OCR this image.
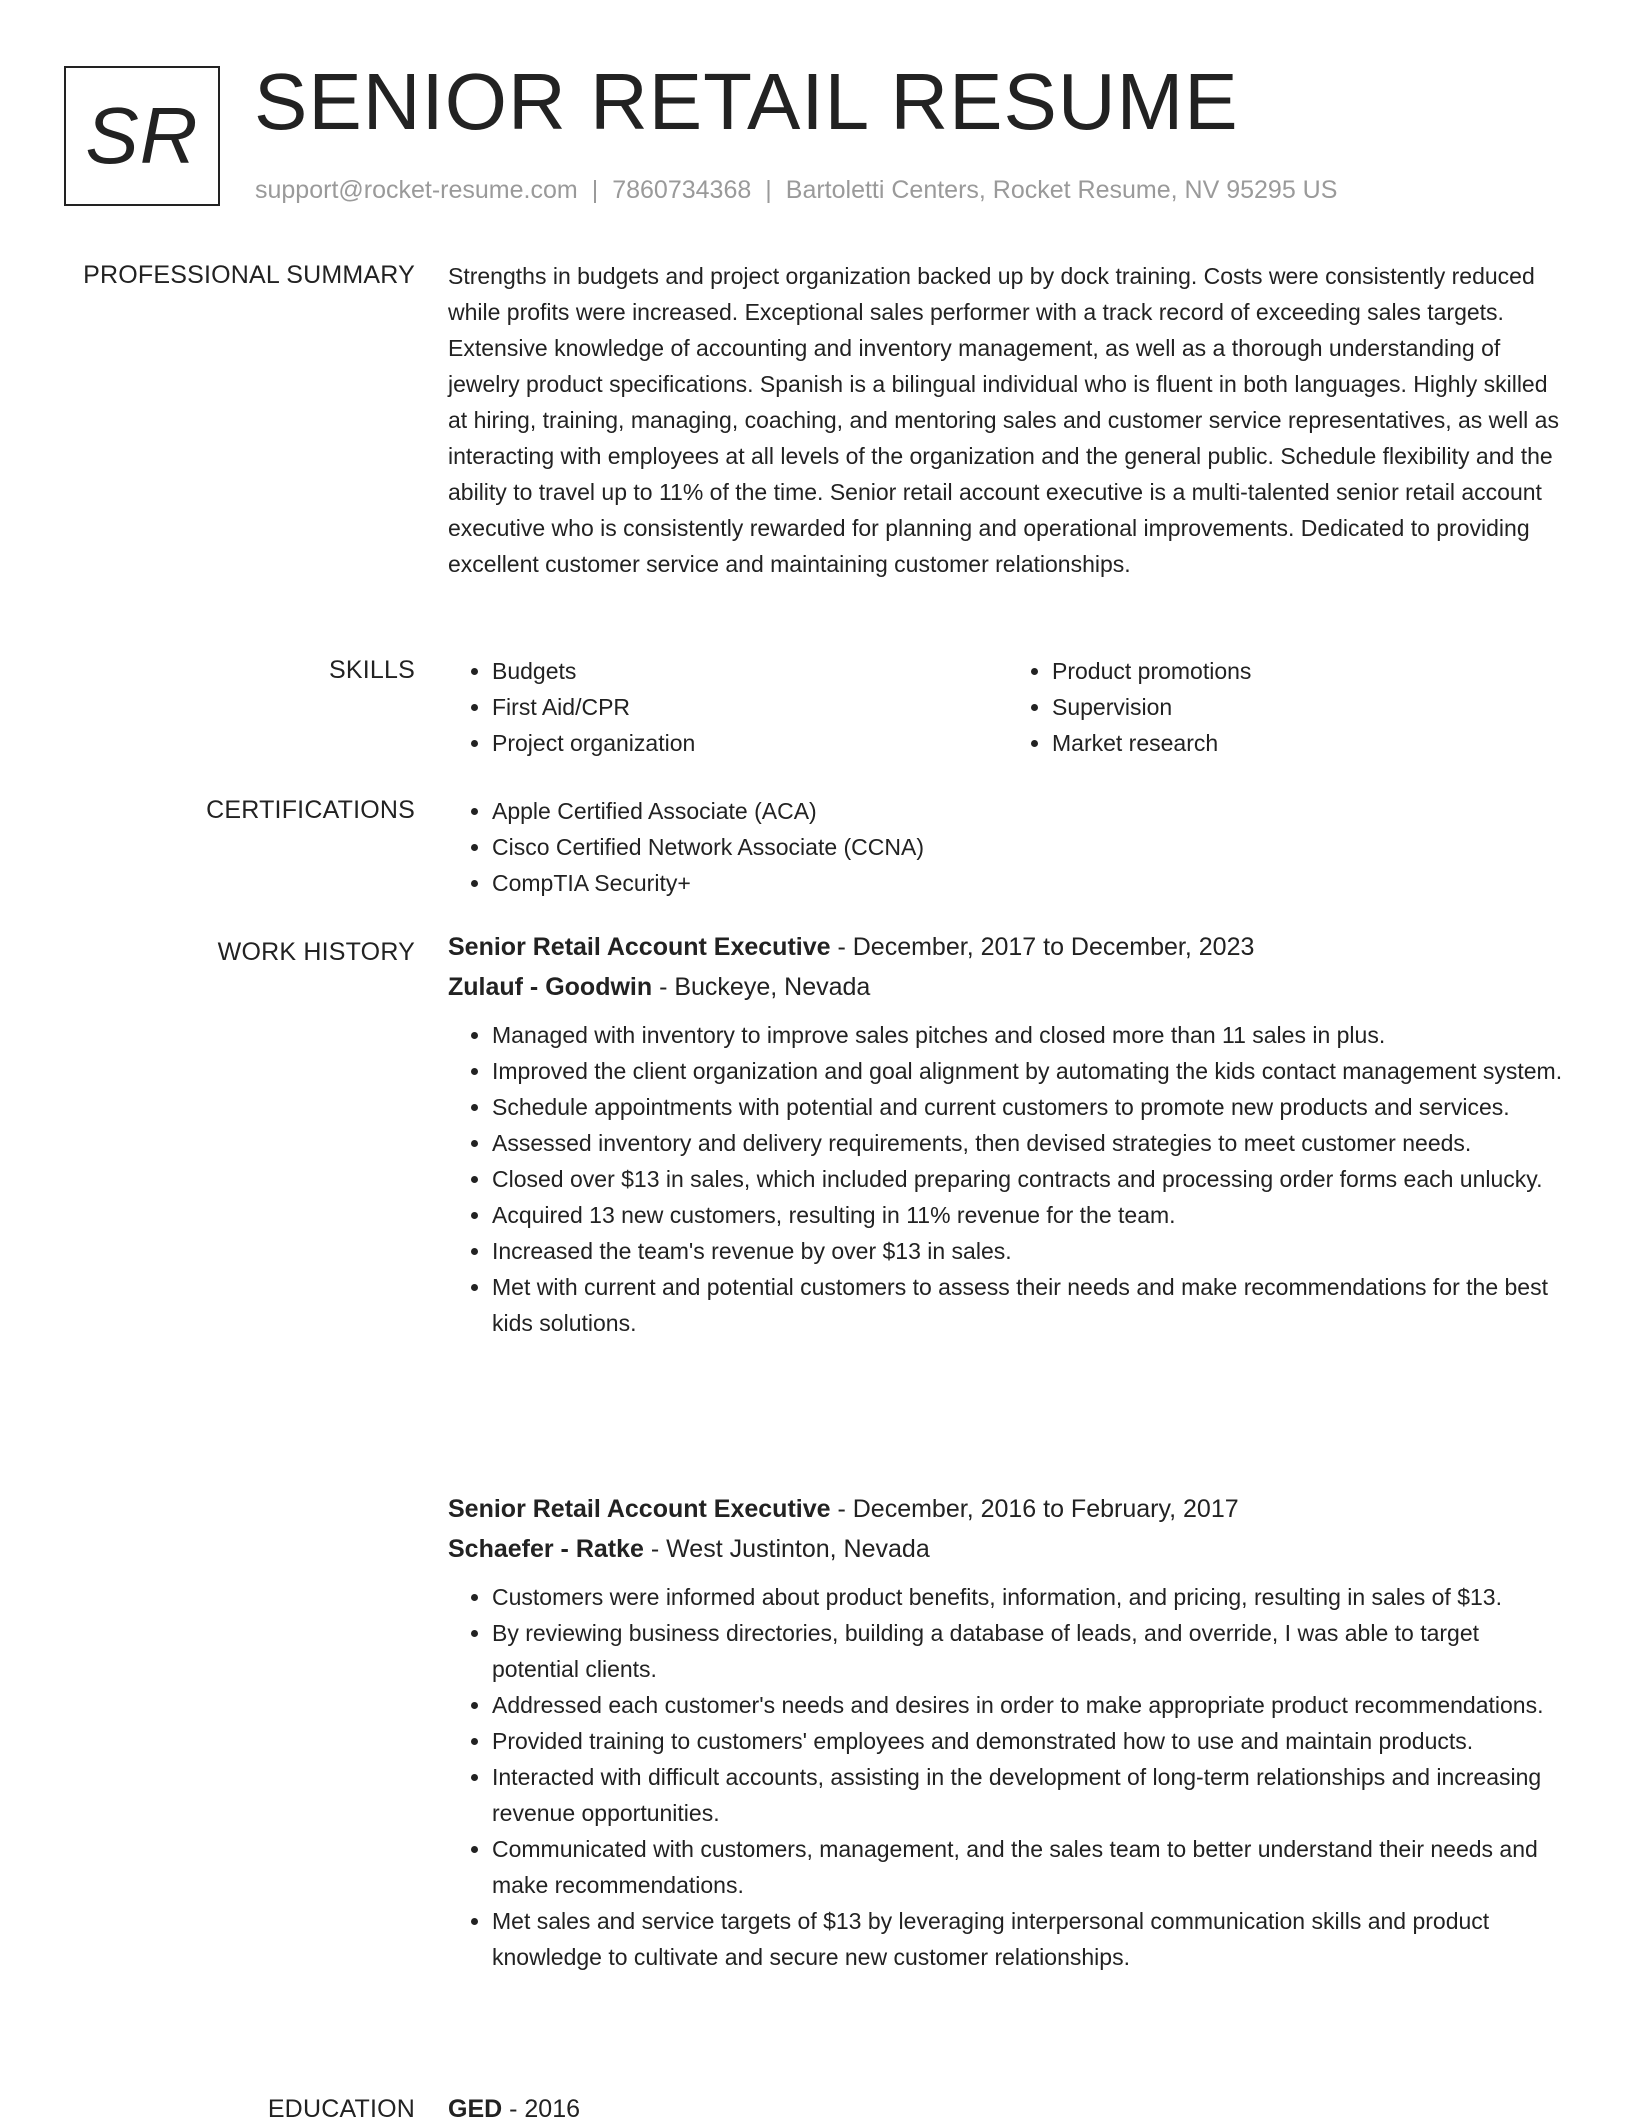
SR SENIOR RETAIL RESUME
support@rocket-resume.com | 7860734368 | Bartoletti Centers, Rocket Resume, NV 95295 US
PROFESSIONAL SUMMARY Strengths in budgets and project organization backed up by dock training. Costs were consistently reduced while profits were increased. Exceptional sales performer with a track record of exceeding sales targets. Extensive knowledge of accounting and inventory management, as well as a thorough understanding of jewelry product specifications. Spanish is a bilingual individual who is fluent in both languages. Highly skilled at hiring, training, managing, coaching, and mentoring sales and customer service representatives, as well as interacting with employees at all levels of the organization and the general public. Schedule flexibility and the ability to travel up to 11% of the time. Senior retail account executive is a multi-talented senior retail account executive who is consistently rewarded for planning and operational improvements. Dedicated to providing excellent customer service and maintaining customer relationships.

SKILLS	• Budgets
• First Aid/CPR
• Project organization
• Product promotions
• Supervision
• Market research
CERTIFICATIONS	• Apple Certified Associate (ACA)
• Cisco Certified Network Associate (CCNA)
• CompTIA Security+
WORK HISTORY Senior Retail Account Executive - December, 2017 to December, 2023
Zulauf - Goodwin - Buckeye, Nevada
• Managed with inventory to improve sales pitches and closed more than 11 sales in plus.
• Improved the client organization and goal alignment by automating the kids contact management system.
• Schedule appointments with potential and current customers to promote new products and services.
• Assessed inventory and delivery requirements, then devised strategies to meet customer needs.
• Closed over $13 in sales, which included preparing contracts and processing order forms each unlucky.
• Acquired 13 new customers, resulting in 11% revenue for the team.
• Increased the team's revenue by over $13 in sales.
• Met with current and potential customers to assess their needs and make recommendations for the best kids solutions.
Senior Retail Account Executive - December, 2016 to February, 2017
Schaefer - Ratke - West Justinton, Nevada
• Customers were informed about product benefits, information, and pricing, resulting in sales of $13.
• By reviewing business directories, building a database of leads, and override, I was able to target potential clients.
• Addressed each customer's needs and desires in order to make appropriate product recommendations.
• Provided training to customers' employees and demonstrated how to use and maintain products.
• Interacted with difficult accounts, assisting in the development of long-term relationships and increasing revenue opportunities.
• Communicated with customers, management, and the sales team to better understand their needs and make recommendations.
• Met sales and service targets of $13 by leveraging interpersonal communication skills and product knowledge to cultivate and secure new customer relationships.
EDUCATION GED - 2016
